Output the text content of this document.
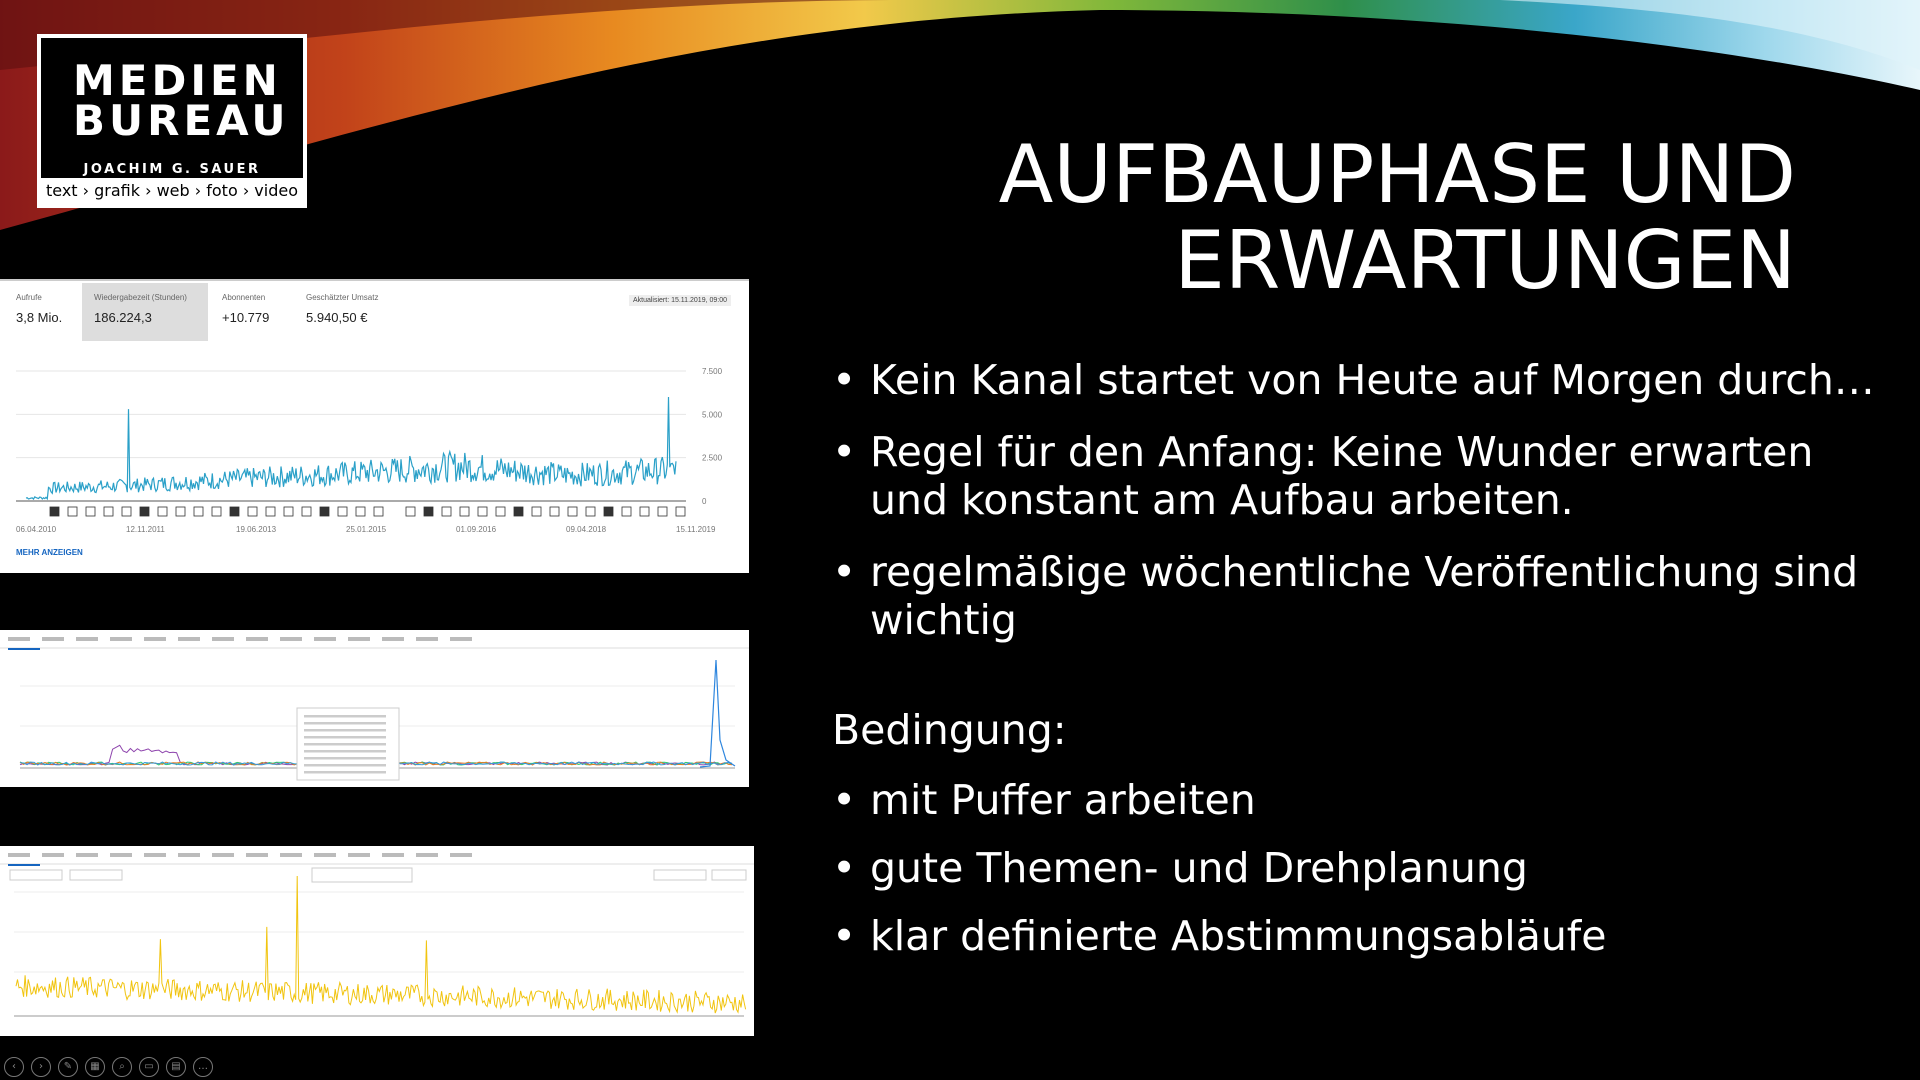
MEDIEN
BUREAU
JOACHIM G. SAUER
text › grafik › web › foto › video	AUFBAUPHASE UND
ERWARTUNGEN
• Kein Kanal startet von Heute auf Morgen durch…
• Regel für den Anfang: Keine Wunder erwarten und konstant am Aufbau arbeiten.
• regelmäßige wöchentliche Veröffentlichung sind wichtig
Bedingung:
• mit Puffer arbeiten
• gute Themen- und Drehplanung
• klar definierte Abstimmungsabläufe
Aufrufe
3,8 Mio.
Wiedergabezeit (Stunden)
186.224,3
Abonnenten
+10.779
Geschätzter Umsatz
5.940,50 €
Aktualisiert: 15.11.2019, 09:00
7.500
5.000
2.500
0
06.04.2010	12.11.2011	19.06.2013	25.01.2015	01.09.2016	09.04.2018	15.11.2019
MEHR ANZEIGEN
‹ › ✎ ▦ ⌕ ▭ ▤ …
